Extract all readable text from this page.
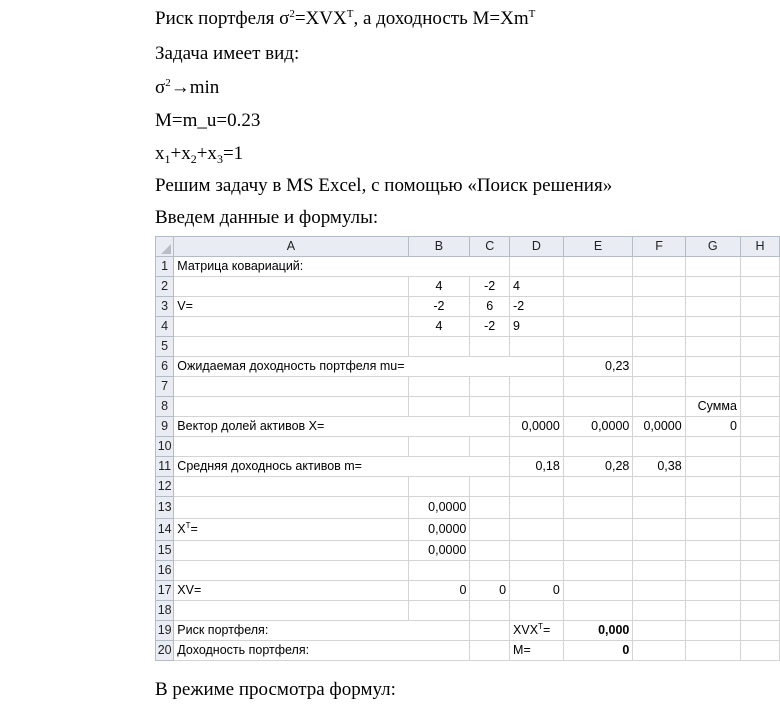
Риск портфеля $\sigma^2=XVX^T$, а доходность $M=Xm^T$
Задача имеет вид:
$\sigma^2\to\min$
M=m_u=0.23
$x_1+x_2+x_3=1$
Решим задачу в MS Excel, с помощью «Поиск решения»
Введем данные и формулы:
	A	B	C	D	E	F	G	H
1	Матрица ковариаций:							
2		4	-2	4				
3	V=	-2	6	-2				
4		4	-2	9				
5								
6	Ожидаемая доходность портфеля mu=				0,23			
7								
8							Сумма	
9	Вектор долей активов X=			0,0000	0,0000	0,0000	0	
10								
11	Средняя доходнось активов m=			0,18	0,28	0,38		
12								
13		0,0000						
14	$X^T=$	0,0000						
15		0,0000						
16								
17	XV=	0	0	0				
18								
19	Риск портфеля:			$XVX^T=$	0,000			
20	Доходность портфеля:			M=	0			
В режиме просмотра формул:
